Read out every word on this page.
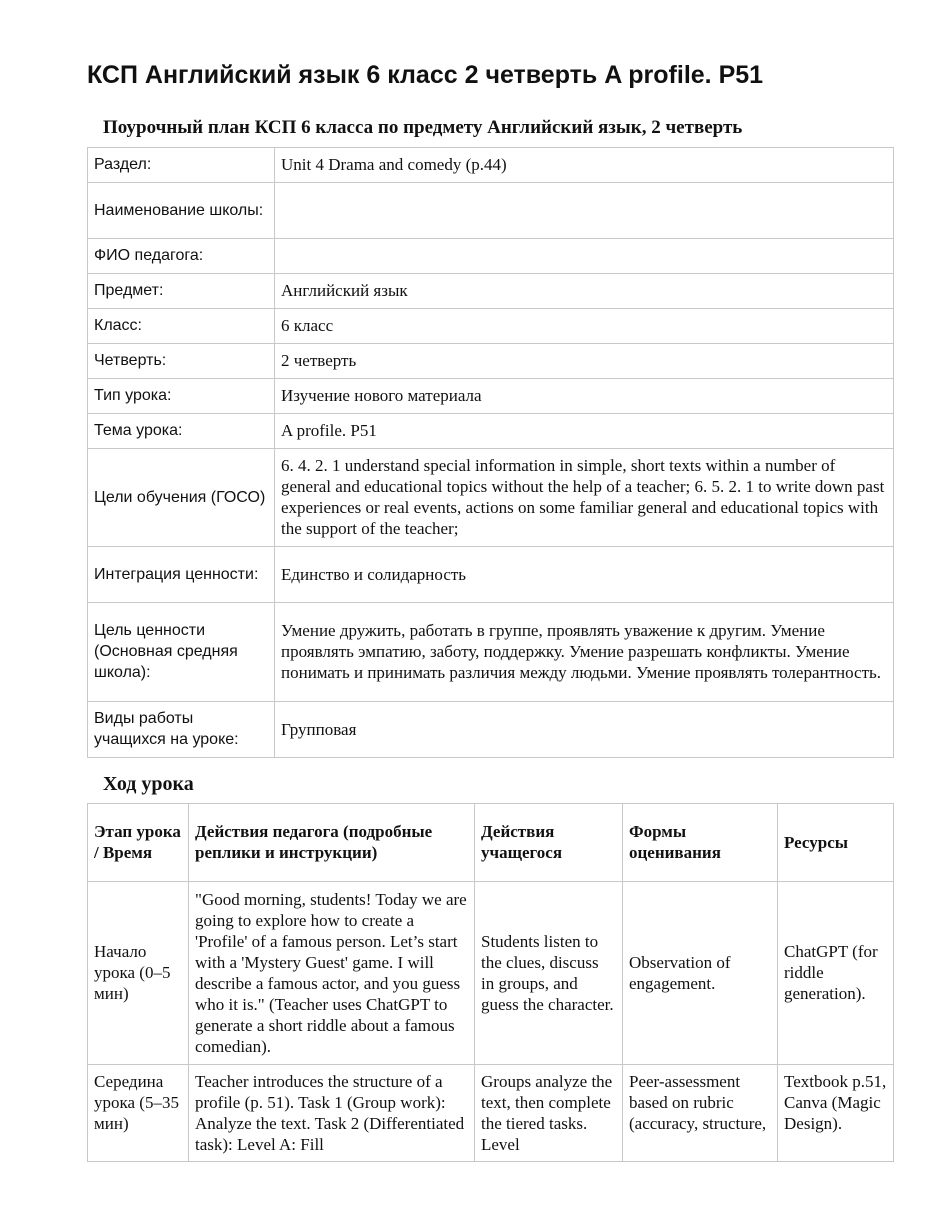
КСП Английский язык 6 класс 2 четверть A profile. P51
Поурочный план КСП 6 класса по предмету Английский язык, 2 четверть
Раздел:	Unit 4 Drama and comedy (p.44)
Наименование школы:	
ФИО педагога:	
Предмет:	Английский язык
Класс:	6 класс
Четверть:	2 четверть
Тип урока:	Изучение нового материала
Тема урока:	A profile. P51
Цели обучения (ГОСО)	6. 4. 2. 1 understand special information in simple, short texts within a number of general and educational topics without the help of a teacher; 6. 5. 2. 1 to write down past experiences or real events, actions on some familiar general and educational topics with the support of the teacher;
Интеграция ценности:	Единство и солидарность
Цель ценности (Основная средняя школа):	Умение дружить, работать в группе, проявлять уважение к другим. Умение проявлять эмпатию, заботу, поддержку. Умение разрешать конфликты. Умение понимать и принимать различия между людьми. Умение проявлять толерантность.
Виды работы учащихся на уроке:	Групповая
Ход урока
Этап урока / Время	Действия педагога (подробные реплики и инструкции)	Действия учащегося	Формы оценивания	Ресурсы
Начало урока (0–5 мин)	"Good morning, students! Today we are going to explore how to create a 'Profile' of a famous person. Let’s start with a 'Mystery Guest' game. I will describe a famous actor, and you guess who it is." (Teacher uses ChatGPT to generate a short riddle about a famous comedian).	Students listen to the clues, discuss in groups, and guess the character.	Observation of engagement.	ChatGPT (for riddle generation).
Середина урока (5–35 мин)	Teacher introduces the structure of a profile (p. 51). Task 1 (Group work): Analyze the text. Task 2 (Differentiated task): Level A: Fill	Groups analyze the text, then complete the tiered tasks. Level	Peer-assessment based on rubric (accuracy, structure,	Textbook p.51, Canva (Magic Design).
